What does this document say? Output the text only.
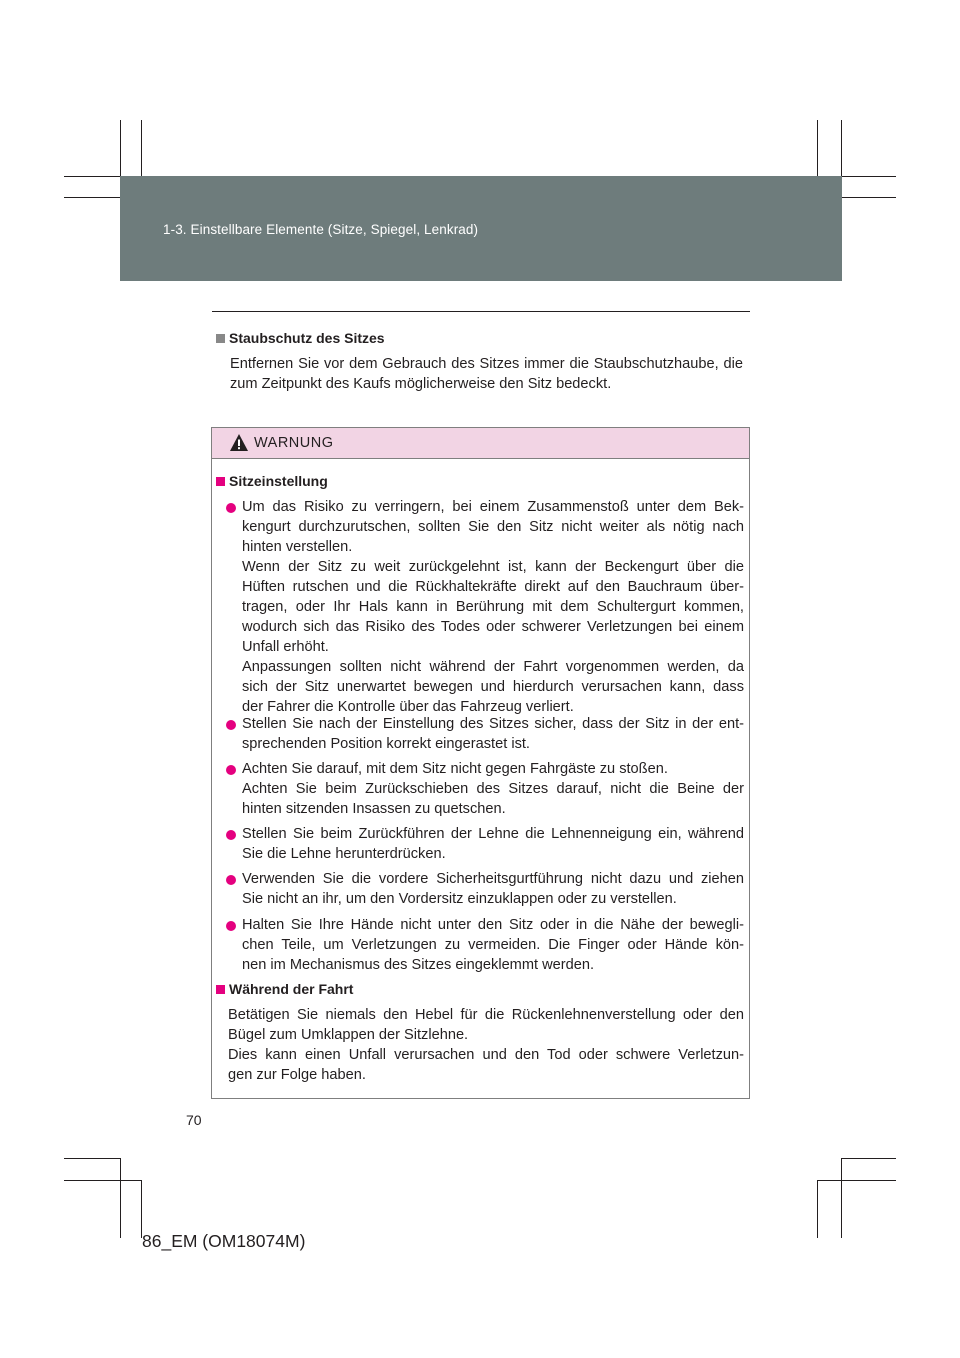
1-3. Einstellbare Elemente (Sitze, Spiegel, Lenkrad)
Staubschutz des Sitzes
Entfernen Sie vor dem Gebrauch des Sitzes immer die Staubschutzhaube, die zum Zeitpunkt des Kaufs möglicherweise den Sitz bedeckt.
WARNUNG
Sitzeinstellung
Um das Risiko zu verringern, bei einem Zusammenstoß unter dem Bek-
kengurt durchzurutschen, sollten Sie den Sitz nicht weiter als nötig nach
hinten verstellen.
Wenn der Sitz zu weit zurückgelehnt ist, kann der Beckengurt über die
Hüften rutschen und die Rückhaltekräfte direkt auf den Bauchraum über-
tragen, oder Ihr Hals kann in Berührung mit dem Schultergurt kommen,
wodurch sich das Risiko des Todes oder schwerer Verletzungen bei einem
Unfall erhöht.
Anpassungen sollten nicht während der Fahrt vorgenommen werden, da
sich der Sitz unerwartet bewegen und hierdurch verursachen kann, dass
der Fahrer die Kontrolle über das Fahrzeug verliert.
Stellen Sie nach der Einstellung des Sitzes sicher, dass der Sitz in der ent-
sprechenden Position korrekt eingerastet ist.
Achten Sie darauf, mit dem Sitz nicht gegen Fahrgäste zu stoßen.
Achten Sie beim Zurückschieben des Sitzes darauf, nicht die Beine der
hinten sitzenden Insassen zu quetschen.
Stellen Sie beim Zurückführen der Lehne die Lehnenneigung ein, während
Sie die Lehne herunterdrücken.
Verwenden Sie die vordere Sicherheitsgurtführung nicht dazu und ziehen
Sie nicht an ihr, um den Vordersitz einzuklappen oder zu verstellen.
Halten Sie Ihre Hände nicht unter den Sitz oder in die Nähe der bewegli-
chen Teile, um Verletzungen zu vermeiden. Die Finger oder Hände kön-
nen im Mechanismus des Sitzes eingeklemmt werden.
Während der Fahrt
Betätigen Sie niemals den Hebel für die Rückenlehnenverstellung oder den
Bügel zum Umklappen der Sitzlehne.
Dies kann einen Unfall verursachen und den Tod oder schwere Verletzun-
gen zur Folge haben.
70
86_EM (OM18074M)
